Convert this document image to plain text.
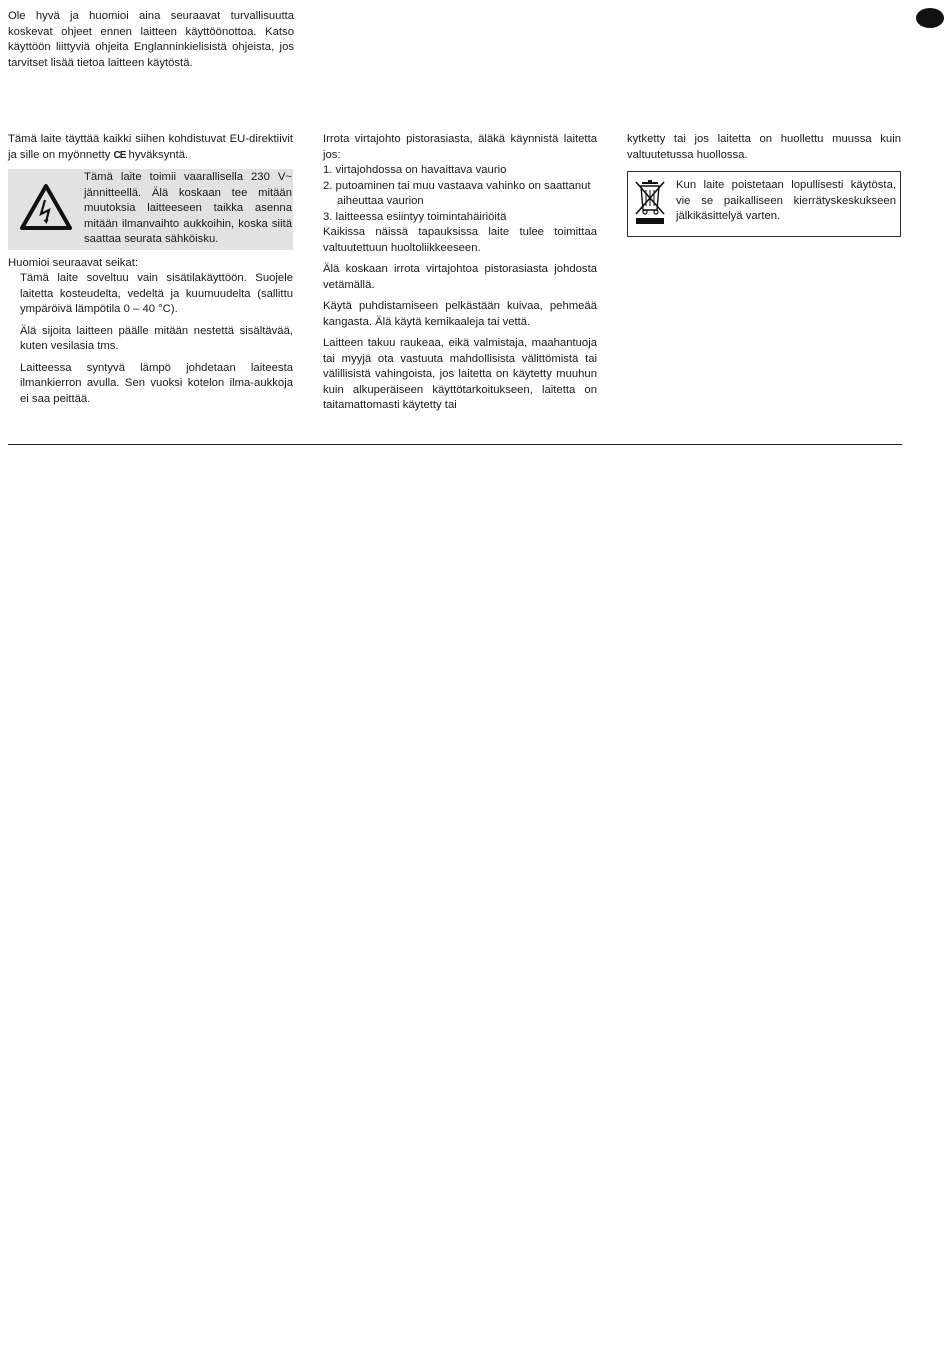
Ole hyvä ja huomioi aina seuraavat turvallisuutta koskevat ohjeet ennen laitteen käyttöönottoa. Katso käyttöön liittyviä ohjeita Englanninkielisistä ohjeista, jos tarvitset lisää tietoa laitteen käytöstä.

Tämä laite täyttää kaikki siihen kohdistuvat EU-direktiivit ja sille on myönnetty CE hyväksyntä.

Tämä laite toimii vaarallisella 230 V~ jännitteellä. Älä koskaan tee mitään muutoksia laitteeseen taikka asenna mitään ilmanvaihto aukkoihin, koska siitä saattaa seurata sähköisku.

Huomioi seuraavat seikat:

Tämä laite soveltuu vain sisätilakäyttöön. Suojele laitetta kosteudelta, vedeltä ja kuumuudelta (sallittu ympäröivä lämpötila 0 – 40 °C).

Älä sijoita laitteen päälle mitään nestettä sisältävää, kuten vesilasia tms.

Laitteessa syntyvä lämpö johdetaan laiteesta ilmankierron avulla. Sen vuoksi kotelon ilma-aukkoja ei saa peittää.

Irrota virtajohto pistorasiasta, äläkä käynnistä laitetta jos:

1. virtajohdossa on havaittava vaurio

2. putoaminen tai muu vastaava vahinko on saattanut aiheuttaa vaurion

3. laitteessa esiintyy toimintahäiriöitä

Kaikissa näissä tapauksissa laite tulee toimittaa valtuutettuun huoltoliikkeeseen.

Älä koskaan irrota virtajohtoa pistorasiasta johdosta vetämällä.

Käytä puhdistamiseen pelkästään kuivaa, pehmeää kangasta. Älä käytä kemikaaleja tai vettä.

Laitteen takuu raukeaa, eikä valmistaja, maahantuoja tai myyjä ota vastuuta mahdollisista välittömistä tai välillisistä vahingoista, jos laitetta on käytetty muuhun kuin alkuperäiseen käyttötarkoitukseen, laitetta on taitamattomasti käytetty tai

kytketty tai jos laitetta on huollettu muussa kuin valtuutetussa huollossa.

Kun laite poistetaan lopullisesti käytösta, vie se paikalliseen kierrätyskeskukseen jälkikäsittelyä varten.
